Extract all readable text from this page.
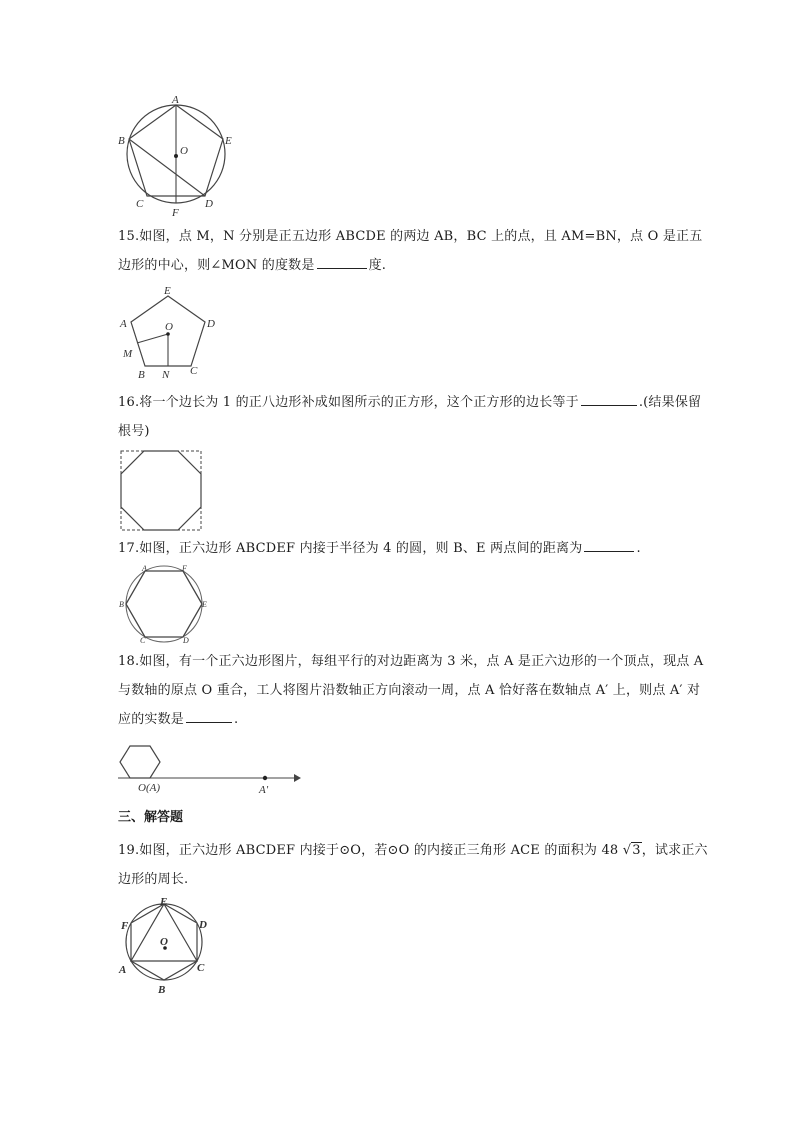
A
B
C	D
E
F
O
15.如图，点 M，N 分别是正五边形 ABCDE 的两边 AB，BC 上的点，且 AM=BN，点 O 是正五边形的中心，则∠MON 的度数是	度.
E
A	D
M
B N C
O
16.将一个边长为 1 的正八边形补成如图所示的正方形，这个正方形的边长等于	.(结果保留根号)
17.如图，正六边形 ABCDEF 内接于半径为 4 的圆，则 B、E 两点间的距离为	.
A	F
B	E
C	D
18.如图，有一个正六边形图片，每组平行的对边距离为 3 米，点 A 是正六边形的一个顶点，现点 A 与数轴的原点 O 重合，工人将图片沿数轴正方向滚动一周，点 A 恰好落在数轴点 A′ 上，则点 A′ 对应的实数是	.
O(A)	A′
三、解答题
19.如图，正六边形 ABCDEF 内接于⊙O，若⊙O 的内接正三角形 ACE 的面积为 48 √3，试求正六边形的周长.
E
D
F
A	C
B
O
